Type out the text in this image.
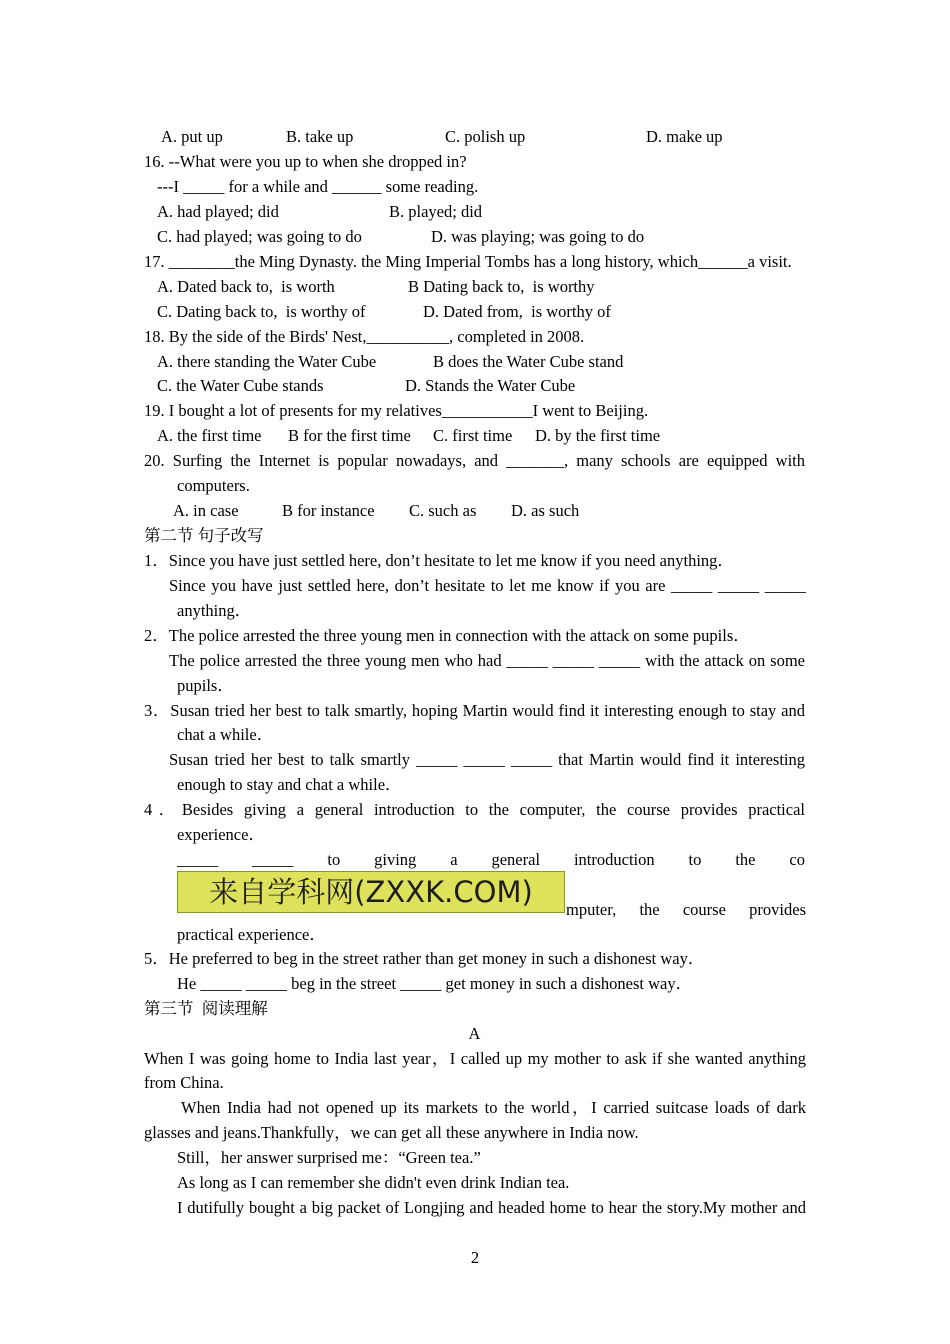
A. put up	B. take up	C. polish up	D. make up
16. --What were you up to when she dropped in?
---I _____ for a while and ______ some reading.
A. had played; did	B. played; did
C. had played; was going to do	D. was playing; was going to do
17. ________the Ming Dynasty. the Ming Imperial Tombs has a long history, which______a visit.
A. Dated back to,  is worth	B Dating back to,  is worthy
C. Dating back to,  is worthy of	D. Dated from,  is worthy of
18. By the side of the Birds' Nest,__________, completed in 2008.
A. there standing the Water Cube	B does the Water Cube stand
C. the Water Cube stands	D. Stands the Water Cube
19. I bought a lot of presents for my relatives___________I went to Beijing.
A. the first time B for the first time C. first time D. by the first time
20. Surfing the Internet is popular nowadays, and _______, many schools are equipped with
computers.
A. in case	B for instance C. such as D. as such
第二节 句子改写
1．Since you have just settled here, don’t hesitate to let me know if you need anything．
Since you have just settled here, don’t hesitate to let me know if you are _____ _____ _____
anything．
2．The police arrested the three young men in connection with the attack on some pupils．
The police arrested the three young men who had _____ _____ _____ with the attack on some
pupils．
3．Susan tried her best to talk smartly, hoping Martin would find it interesting enough to stay and
chat a while．
Susan tried her best to talk smartly _____ _____ _____ that Martin would find it interesting
enough to stay and chat a while．
4．Besides giving a general introduction to the computer, the course provides practical
experience．
_____ _____ to giving a general introduction to the co
来自学科网(ZXXK.COM)	mputer, the course provides
practical experience．
5．He preferred to beg in the street rather than get money in such a dishonest way．
He _____ _____ beg in the street _____ get money in such a dishonest way．
第三节  阅读理解
A
When I was going home to India last year，I called up my mother to ask if she wanted anything
from China.
When India had not opened up its markets to the world，I carried suitcase loads of dark
glasses and jeans.Thankfully，we can get all these anywhere in India now.
Still，her answer surprised me：“Green tea.”
As long as I can remember she didn't even drink Indian tea.
I dutifully bought a big packet of Longjing and headed home to hear the story.My mother and
2
